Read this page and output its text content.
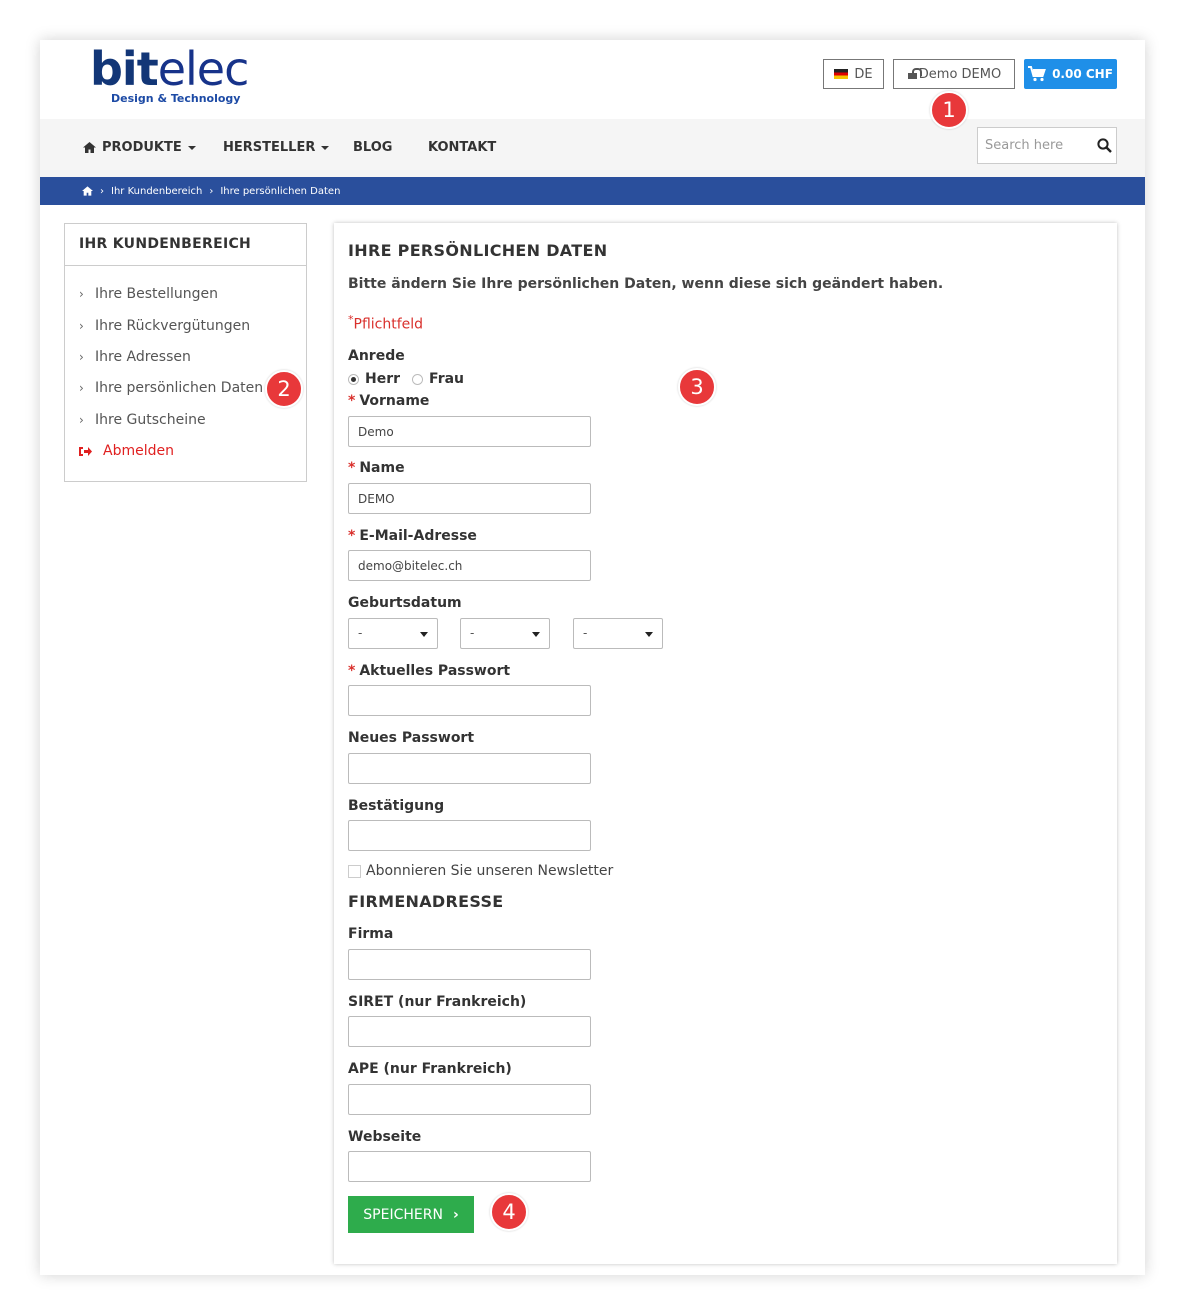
bitelec
Design & Technology
DE	Demo DEMO	0.00 CHF
PRODUKTE	HERSTELLER	BLOG	KONTAKT
Search here
› Ihr Kundenbereich › Ihre persönlichen Daten
IHR KUNDENBEREICH
› Ihre Bestellungen
› Ihre Rückvergütungen
› Ihre Adressen
› Ihre persönlichen Daten
› Ihre Gutscheine
Abmelden
IHRE PERSÖNLICHEN DATEN
Bitte ändern Sie Ihre persönlichen Daten, wenn diese sich geändert haben.
*Pflichtfeld
Anrede
Herr Frau
* Vorname
Demo
* Name
DEMO
* E-Mail-Adresse
demo@bitelec.ch
Geburtsdatum
-	-	-
* Aktuelles Passwort
Neues Passwort
Bestätigung
Abonnieren Sie unseren Newsletter
FIRMENADRESSE
Firma
SIRET (nur Frankreich)
APE (nur Frankreich)
Webseite
SPEICHERN ›
1
2	3
4
